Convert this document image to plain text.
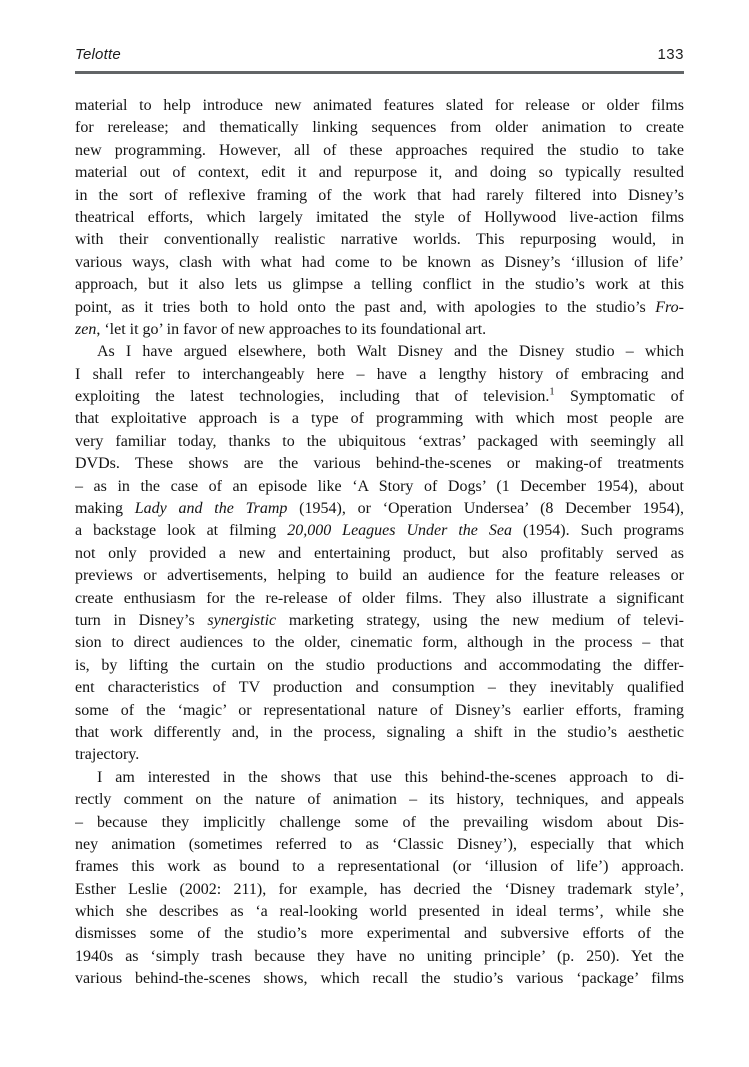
Telotte	133
material to help introduce new animated features slated for release or older films
for rerelease; and thematically linking sequences from older animation to create
new programming. However, all of these approaches required the studio to take
material out of context, edit it and repurpose it, and doing so typically resulted
in the sort of reflexive framing of the work that had rarely filtered into Disney’s
theatrical efforts, which largely imitated the style of Hollywood live-action films
with their conventionally realistic narrative worlds. This repurposing would, in
various ways, clash with what had come to be known as Disney’s ‘illusion of life’
approach, but it also lets us glimpse a telling conflict in the studio’s work at this
point, as it tries both to hold onto the past and, with apologies to the studio’s Fro-
zen, ‘let it go’ in favor of new approaches to its foundational art.
As I have argued elsewhere, both Walt Disney and the Disney studio – which
I shall refer to interchangeably here – have a lengthy history of embracing and
exploiting the latest technologies, including that of television.$^1$ Symptomatic of
that exploitative approach is a type of programming with which most people are
very familiar today, thanks to the ubiquitous ‘extras’ packaged with seemingly all
DVDs. These shows are the various behind-the-scenes or making-of treatments
– as in the case of an episode like ‘A Story of Dogs’ (1 December 1954), about
making Lady and the Tramp (1954), or ‘Operation Undersea’ (8 December 1954),
a backstage look at filming 20,000 Leagues Under the Sea (1954). Such programs
not only provided a new and entertaining product, but also profitably served as
previews or advertisements, helping to build an audience for the feature releases or
create enthusiasm for the re-release of older films. They also illustrate a significant
turn in Disney’s synergistic marketing strategy, using the new medium of televi-
sion to direct audiences to the older, cinematic form, although in the process – that
is, by lifting the curtain on the studio productions and accommodating the differ-
ent characteristics of TV production and consumption – they inevitably qualified
some of the ‘magic’ or representational nature of Disney’s earlier efforts, framing
that work differently and, in the process, signaling a shift in the studio’s aesthetic
trajectory.
I am interested in the shows that use this behind-the-scenes approach to di-
rectly comment on the nature of animation – its history, techniques, and appeals
– because they implicitly challenge some of the prevailing wisdom about Dis-
ney animation (sometimes referred to as ‘Classic Disney’), especially that which
frames this work as bound to a representational (or ‘illusion of life’) approach.
Esther Leslie (2002: 211), for example, has decried the ‘Disney trademark style’,
which she describes as ‘a real-looking world presented in ideal terms’, while she
dismisses some of the studio’s more experimental and subversive efforts of the
1940s as ‘simply trash because they have no uniting principle’ (p. 250). Yet the
various behind-the-scenes shows, which recall the studio’s various ‘package’ films
